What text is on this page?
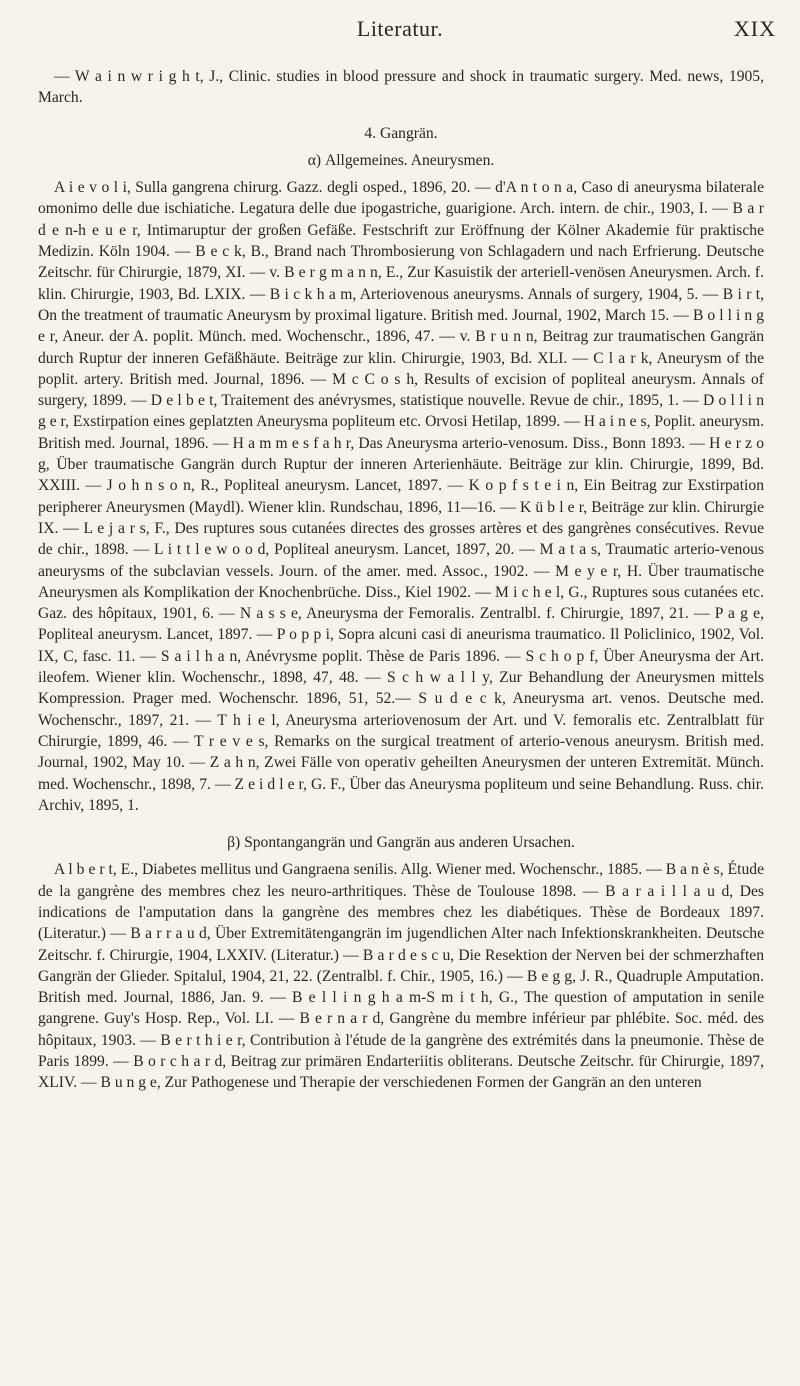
Literatur.	XIX

— W a i n w r i g h t, J., Clinic. studies in blood pressure and shock in traumatic surgery. Med. news, 1905, March.

4. Gangrän.

α) Allgemeines. Aneurysmen.

A i e v o l i, Sulla gangrena chirurg. Gazz. degli osped., 1896, 20. — d'A n t o n a, Caso di aneurysma bilaterale omonimo delle due ischiatiche. Legatura delle due ipogastriche, guarigione. Arch. intern. de chir., 1903, I. — B a r d e n-h e u e r, Intimaruptur der großen Gefäße. Festschrift zur Eröffnung der Kölner Akademie für praktische Medizin. Köln 1904. — B e c k, B., Brand nach Thrombosierung von Schlagadern und nach Erfrierung. Deutsche Zeitschr. für Chirurgie, 1879, XI. — v. B e r g m a n n, E., Zur Kasuistik der arteriell-venösen Aneurysmen. Arch. f. klin. Chirurgie, 1903, Bd. LXIX. — B i c k h a m, Arteriovenous aneurysms. Annals of surgery, 1904, 5. — B i r t, On the treatment of traumatic Aneurysm by proximal ligature. British med. Journal, 1902, March 15. — B o l l i n g e r, Aneur. der A. poplit. Münch. med. Wochenschr., 1896, 47. — v. B r u n n, Beitrag zur traumatischen Gangrän durch Ruptur der inneren Gefäßhäute. Beiträge zur klin. Chirurgie, 1903, Bd. XLI. — C l a r k, Aneurysm of the poplit. artery. British med. Journal, 1896. — M c C o s h, Results of excision of popliteal aneurysm. Annals of surgery, 1899. — D e l b e t, Traitement des anévrysmes, statistique nouvelle. Revue de chir., 1895, 1. — D o l l i n g e r, Exstirpation eines geplatzten Aneurysma popliteum etc. Orvosi Hetilap, 1899. — H a i n e s, Poplit. aneurysm. British med. Journal, 1896. — H a m m e s f a h r, Das Aneurysma arterio-venosum. Diss., Bonn 1893. — H e r z o g, Über traumatische Gangrän durch Ruptur der inneren Arterienhäute. Beiträge zur klin. Chirurgie, 1899, Bd. XXIII. — J o h n s o n, R., Popliteal aneurysm. Lancet, 1897. — K o p f s t e i n, Ein Beitrag zur Exstirpation peripherer Aneurysmen (Maydl). Wiener klin. Rundschau, 1896, 11—16. — K ü b l e r, Beiträge zur klin. Chirurgie IX. — L e j a r s, F., Des ruptures sous cutanées directes des grosses artères et des gangrènes consécutives. Revue de chir., 1898. — L i t t l e w o o d, Popliteal aneurysm. Lancet, 1897, 20. — M a t a s, Traumatic arterio-venous aneurysms of the subclavian vessels. Journ. of the amer. med. Assoc., 1902. — M e y e r, H. Über traumatische Aneurysmen als Komplikation der Knochenbrüche. Diss., Kiel 1902. — M i c h e l, G., Ruptures sous cutanées etc. Gaz. des hôpitaux, 1901, 6. — N a s s e, Aneurysma der Femoralis. Zentralbl. f. Chirurgie, 1897, 21. — P a g e, Popliteal aneurysm. Lancet, 1897. — P o p p i, Sopra alcuni casi di aneurisma traumatico. Il Policlinico, 1902, Vol. IX, C, fasc. 11. — S a i l h a n, Anévrysme poplit. Thèse de Paris 1896. — S c h o p f, Über Aneurysma der Art. ileofem. Wiener klin. Wochenschr., 1898, 47, 48. — S c h w a l l y, Zur Behandlung der Aneurysmen mittels Kompression. Prager med. Wochenschr. 1896, 51, 52.— S u d e c k, Aneurysma art. venos. Deutsche med. Wochenschr., 1897, 21. — T h i e l, Aneurysma arteriovenosum der Art. und V. femoralis etc. Zentralblatt für Chirurgie, 1899, 46. — T r e v e s, Remarks on the surgical treatment of arterio-venous aneurysm. British med. Journal, 1902, May 10. — Z a h n, Zwei Fälle von operativ geheilten Aneurysmen der unteren Extremität. Münch. med. Wochenschr., 1898, 7. — Z e i d l e r, G. F., Über das Aneurysma popliteum und seine Behandlung. Russ. chir. Archiv, 1895, 1.

β) Spontangangrän und Gangrän aus anderen Ursachen.

A l b e r t, E., Diabetes mellitus und Gangraena senilis. Allg. Wiener med. Wochenschr., 1885. — B a n è s, Étude de la gangrène des membres chez les neuro-arthritiques. Thèse de Toulouse 1898. — B a r a i l l a u d, Des indications de l'amputation dans la gangrène des membres chez les diabétiques. Thèse de Bordeaux 1897. (Literatur.) — B a r r a u d, Über Extremitätengangrän im jugendlichen Alter nach Infektionskrankheiten. Deutsche Zeitschr. f. Chirurgie, 1904, LXXIV. (Literatur.) — B a r d e s c u, Die Resektion der Nerven bei der schmerzhaften Gangrän der Glieder. Spitalul, 1904, 21, 22. (Zentralbl. f. Chir., 1905, 16.) — B e g g, J. R., Quadruple Amputation. British med. Journal, 1886, Jan. 9. — B e l l i n g h a m-S m i t h, G., The question of amputation in senile gangrene. Guy's Hosp. Rep., Vol. LI. — B e r n a r d, Gangrène du membre inférieur par phlébite. Soc. méd. des hôpitaux, 1903. — B e r t h i e r, Contribution à l'étude de la gangrène des extrémités dans la pneumonie. Thèse de Paris 1899. — B o r c h a r d, Beitrag zur primären Endarteriitis obliterans. Deutsche Zeitschr. für Chirurgie, 1897, XLIV. — B u n g e, Zur Pathogenese und Therapie der verschiedenen Formen der Gangrän an den unteren
